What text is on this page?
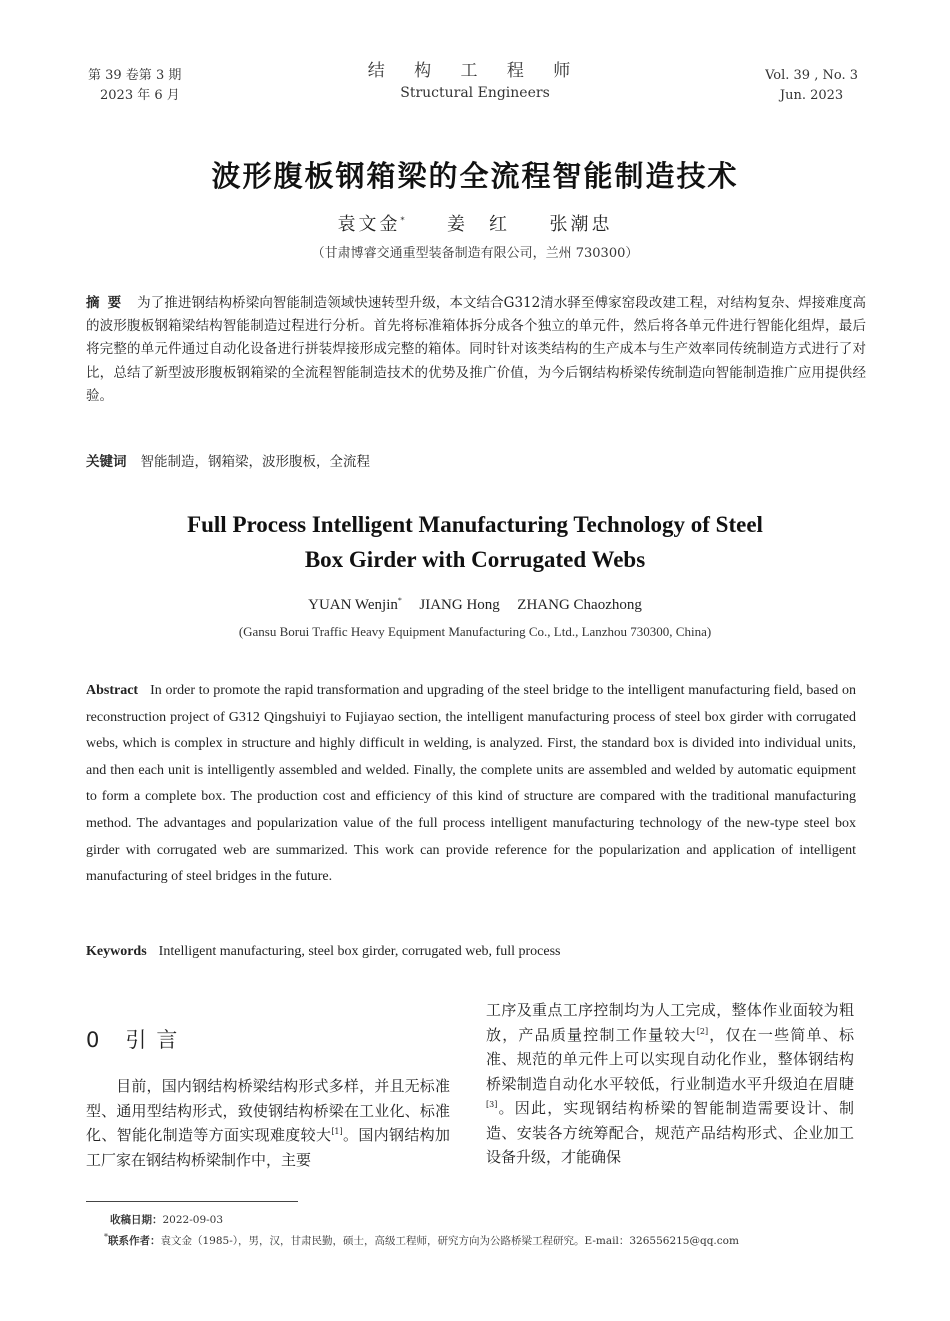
第 39 卷第 3 期
2023 年 6 月
结 构 工 程 师
Structural Engineers
Vol. 39 , No. 3
Jun. 2023
波形腹板钢箱梁的全流程智能制造技术
袁文金* 姜　红 张潮忠
（甘肃博睿交通重型装备制造有限公司，兰州 730300）
摘要 为了推进钢结构桥梁向智能制造领域快速转型升级，本文结合G312清水驿至傅家窑段改建工程，对结构复杂、焊接难度高的波形腹板钢箱梁结构智能制造过程进行分析。首先将标准箱体拆分成各个独立的单元件，然后将各单元件进行智能化组焊，最后将完整的单元件通过自动化设备进行拼装焊接形成完整的箱体。同时针对该类结构的生产成本与生产效率同传统制造方式进行了对比，总结了新型波形腹板钢箱梁的全流程智能制造技术的优势及推广价值，为今后钢结构桥梁传统制造向智能制造推广应用提供经验。
关键词 智能制造，钢箱梁，波形腹板，全流程
Full Process Intelligent Manufacturing Technology of Steel
Box Girder with Corrugated Webs
YUAN Wenjin* JIANG Hong ZHANG Chaozhong
(Gansu Borui Traffic Heavy Equipment Manufacturing Co., Ltd., Lanzhou 730300, China)
Abstract In order to promote the rapid transformation and upgrading of the steel bridge to the intelligent manufacturing field, based on reconstruction project of G312 Qingshuiyi to Fujiayao section, the intelligent manufacturing process of steel box girder with corrugated webs, which is complex in structure and highly difficult in welding, is analyzed. First, the standard box is divided into individual units, and then each unit is intelligently assembled and welded. Finally, the complete units are assembled and welded by automatic equipment to form a complete box. The production cost and efficiency of this kind of structure are compared with the traditional manufacturing method. The advantages and popularization value of the full process intelligent manufacturing technology of the new-type steel box girder with corrugated web are summarized. This work can provide reference for the popularization and application of intelligent manufacturing of steel bridges in the future.
Keywords Intelligent manufacturing, steel box girder, corrugated web, full process
0 引言
目前，国内钢结构桥梁结构形式多样，并且无标准型、通用型结构形式，致使钢结构桥梁在工业化、标准化、智能化制造等方面实现难度较大[1]。国内钢结构加工厂家在钢结构桥梁制作中，主要
工序及重点工序控制均为人工完成，整体作业面较为粗放，产品质量控制工作量较大[2]，仅在一些简单、标准、规范的单元件上可以实现自动化作业，整体钢结构桥梁制造自动化水平较低，行业制造水平升级迫在眉睫[3]。因此，实现钢结构桥梁的智能制造需要设计、制造、安装各方统筹配合，规范产品结构形式、企业加工设备升级，才能确保
收稿日期：2022-09-03
*联系作者：袁文金（1985-），男，汉，甘肃民勤，硕士，高级工程师，研究方向为公路桥梁工程研究。E-mail：326556215@qq.com
